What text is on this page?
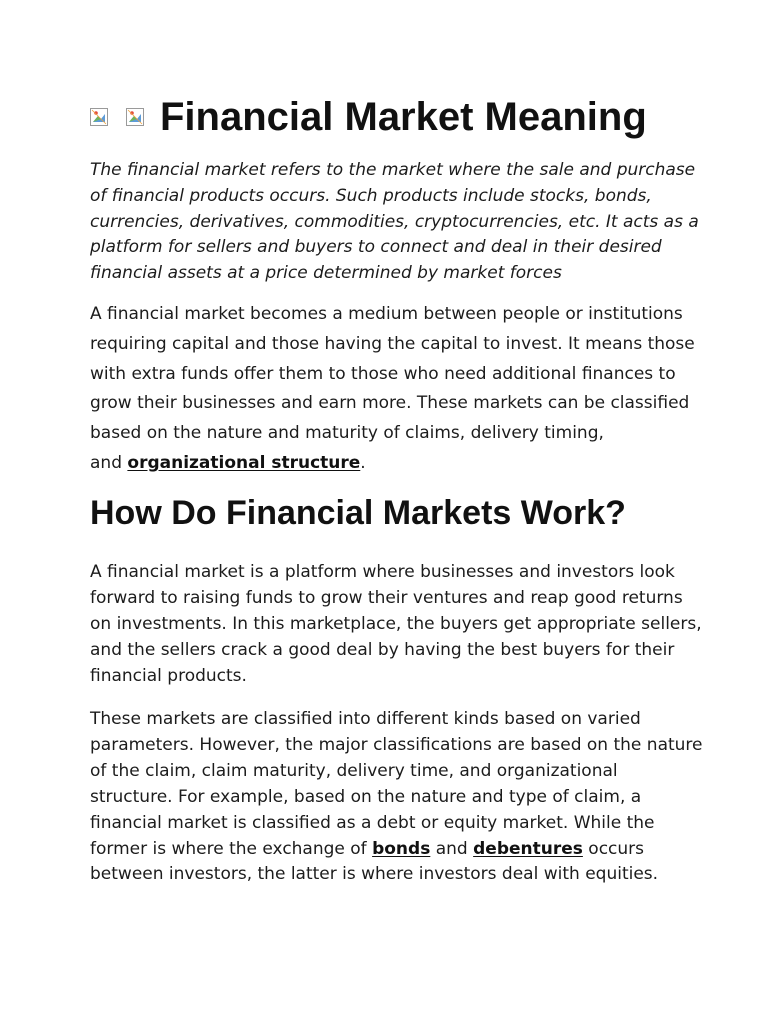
Financial Market Meaning

The financial market refers to the market where the sale and purchase
of financial products occurs. Such products include stocks, bonds,
currencies, derivatives, commodities, cryptocurrencies, etc. It acts as a
platform for sellers and buyers to connect and deal in their desired
financial assets at a price determined by market forces

A financial market becomes a medium between people or institutions
requiring capital and those having the capital to invest. It means those
with extra funds offer them to those who need additional finances to
grow their businesses and earn more. These markets can be classified
based on the nature and maturity of claims, delivery timing,
and organizational structure.

How Do Financial Markets Work?

A financial market is a platform where businesses and investors look
forward to raising funds to grow their ventures and reap good returns
on investments. In this marketplace, the buyers get appropriate sellers,
and the sellers crack a good deal by having the best buyers for their
financial products.

These markets are classified into different kinds based on varied
parameters. However, the major classifications are based on the nature
of the claim, claim maturity, delivery time, and organizational
structure. For example, based on the nature and type of claim, a
financial market is classified as a debt or equity market. While the
former is where the exchange of bonds and debentures occurs
between investors, the latter is where investors deal with equities.
